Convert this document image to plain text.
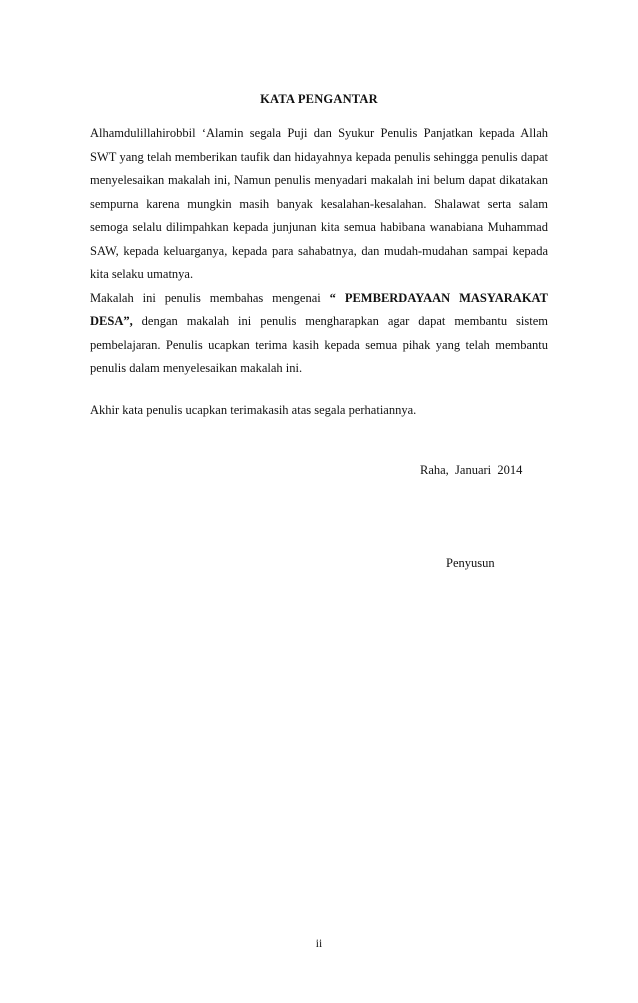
KATA PENGANTAR

Alhamdulillahirobbil ‘Alamin segala Puji dan Syukur Penulis Panjatkan kepada Allah SWT yang telah memberikan taufik dan hidayahnya kepada penulis sehingga penulis dapat menyelesaikan makalah ini, Namun penulis menyadari makalah ini belum dapat dikatakan sempurna karena mungkin masih banyak kesalahan-kesalahan. Shalawat serta salam semoga selalu dilimpahkan kepada junjunan kita semua habibana wanabiana Muhammad SAW, kepada keluarganya, kepada para sahabatnya, dan mudah-mudahan sampai kepada kita selaku umatnya.

Makalah ini penulis membahas mengenai “ PEMBERDAYAAN MASYARAKAT DESA”, dengan makalah ini penulis mengharapkan agar dapat membantu sistem pembelajaran. Penulis ucapkan terima kasih kepada semua pihak yang telah membantu penulis dalam menyelesaikan makalah ini.

Akhir kata penulis ucapkan terimakasih atas segala perhatiannya.

Raha,  Januari  2014
Penyusun
ii
